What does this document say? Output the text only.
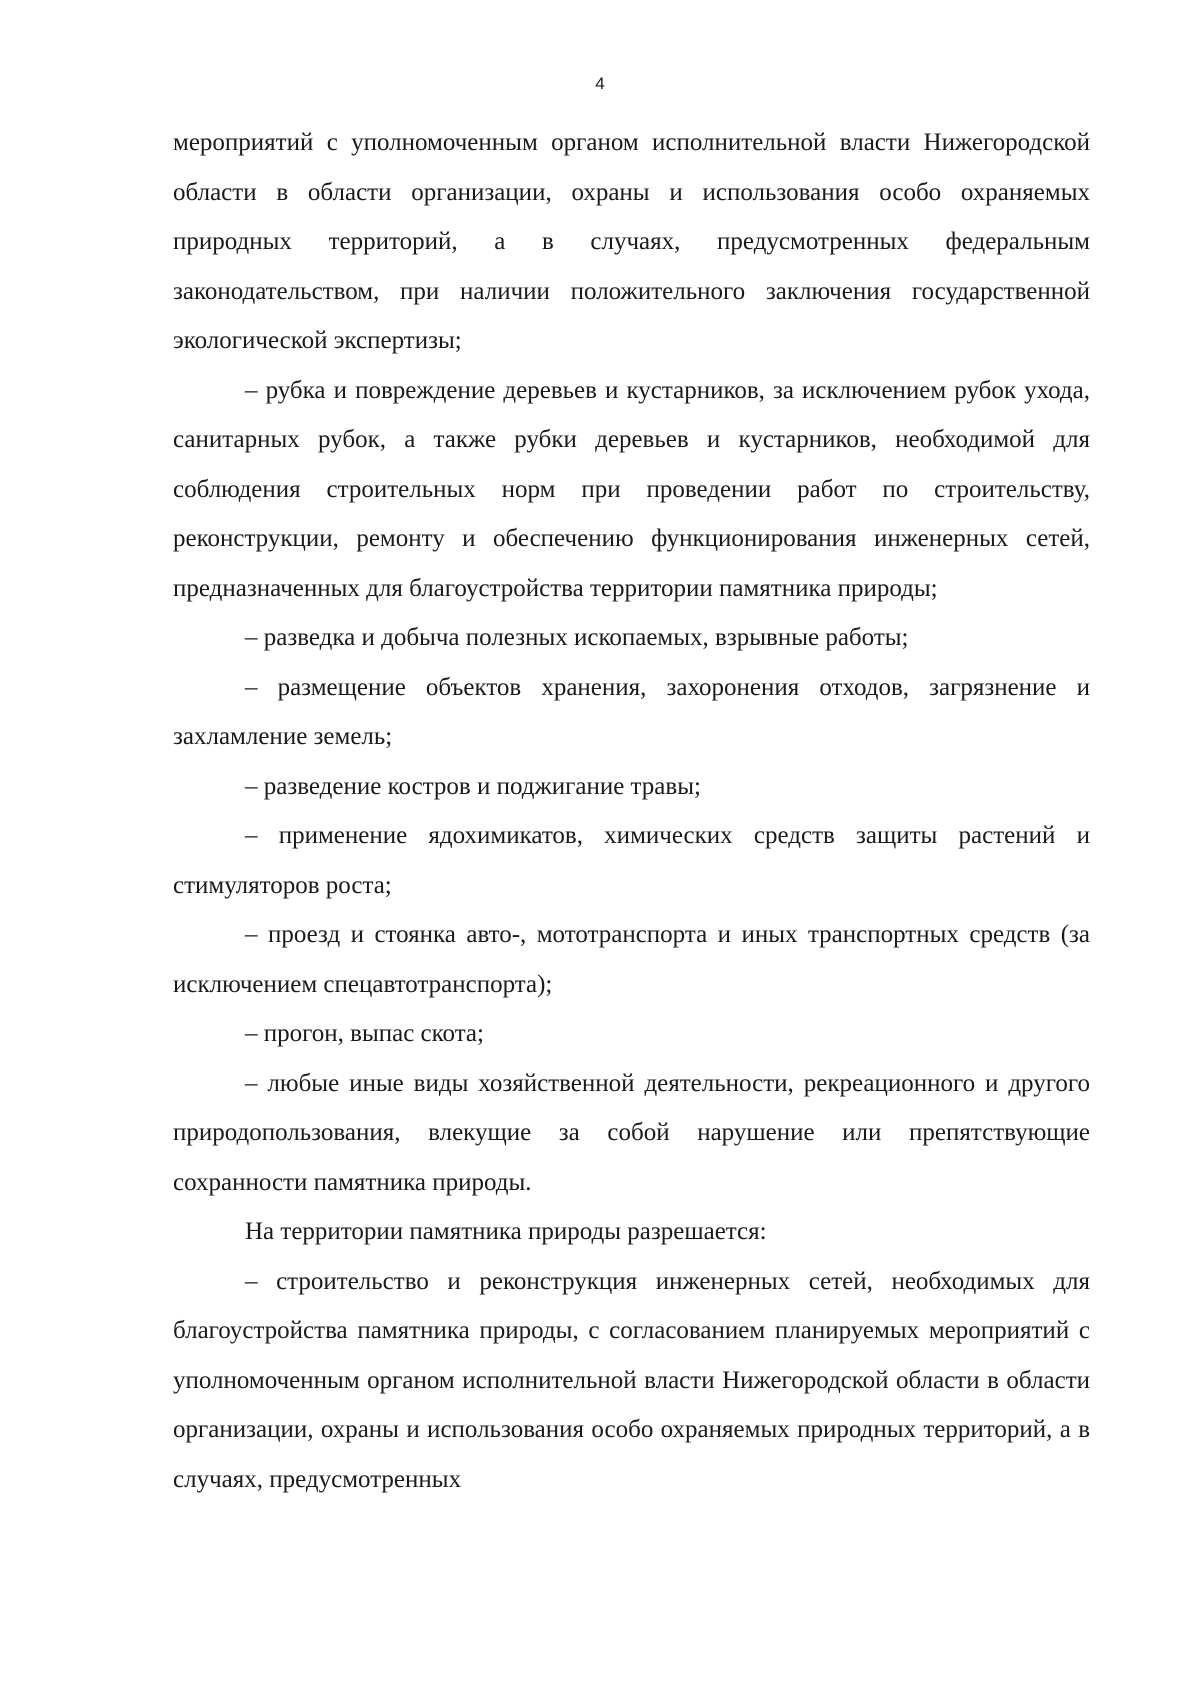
4

мероприятий с уполномоченным органом исполнительной власти Нижегородской области в области организации, охраны и использования особо охраняемых природных территорий, а в случаях, предусмотренных федеральным законодательством, при наличии положительного заключения государственной экологической экспертизы;

– рубка и повреждение деревьев и кустарников, за исключением рубок ухода, санитарных рубок, а также рубки деревьев и кустарников, необходимой для соблюдения строительных норм при проведении работ по строительству, реконструкции, ремонту и обеспечению функционирования инженерных сетей, предназначенных для благоустройства территории памятника природы;

– разведка и добыча полезных ископаемых, взрывные работы;

– размещение объектов хранения, захоронения отходов, загрязнение и захламление земель;

– разведение костров и поджигание травы;

– применение ядохимикатов, химических средств защиты растений и стимуляторов роста;

– проезд и стоянка авто-, мототранспорта и иных транспортных средств (за исключением спецавтотранспорта);

– прогон, выпас скота;

– любые иные виды хозяйственной деятельности, рекреационного и другого природопользования, влекущие за собой нарушение или препятствующие сохранности памятника природы.

На территории памятника природы разрешается:

– строительство и реконструкция инженерных сетей, необходимых для благоустройства памятника природы, с согласованием планируемых мероприятий с уполномоченным органом исполнительной власти Нижегородской области в области организации, охраны и использования особо охраняемых природных территорий, а в случаях, предусмотренных
